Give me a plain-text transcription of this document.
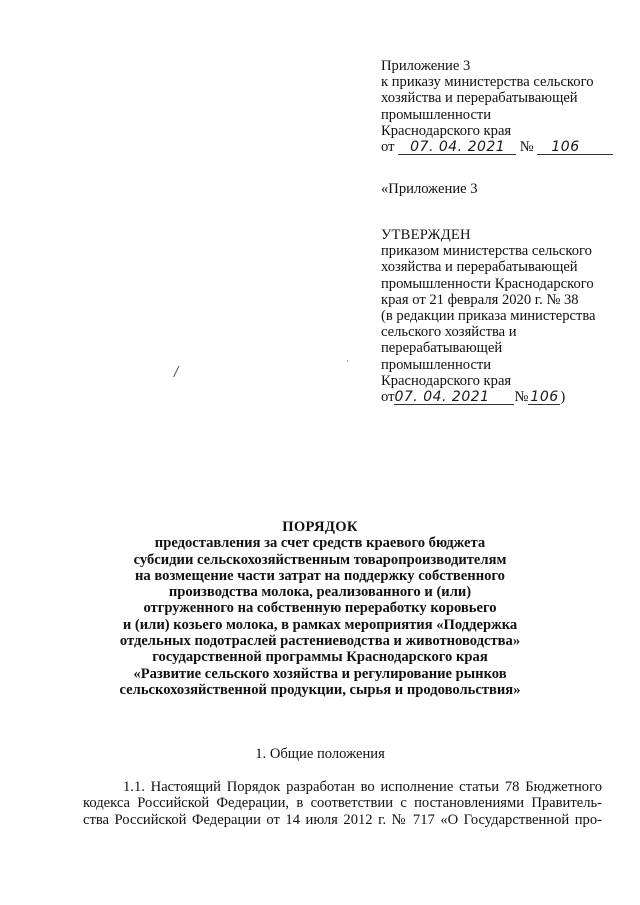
Приложение 3
к приказу министерства сельского
хозяйства и перерабатывающей
промышленности
Краснодарского края
от 07. 04. 2021 № 106
«Приложение 3
УТВЕРЖДЕН
приказом министерства сельского
хозяйства и перерабатывающей
промышленности Краснодарского
края от 21 февраля 2020 г. № 38
(в редакции приказа министерства
сельского хозяйства и
перерабатывающей
промышленности
Краснодарского края
от07. 04. 2021 № 106 )
/
ПОРЯДОК
предоставления за счет средств краевого бюджета
субсидии сельскохозяйственным товаропроизводителям
на возмещение части затрат на поддержку собственного
производства молока, реализованного и (или)
отгруженного на собственную переработку коровьего
и (или) козьего молока, в рамках мероприятия «Поддержка
отдельных подотраслей растениеводства и животноводства»
государственной программы Краснодарского края
«Развитие сельского хозяйства и регулирование рынков
сельскохозяйственной продукции, сырья и продовольствия»
1. Общие положения
1.1. Настоящий Порядок разработан во исполнение статьи 78 Бюджетного
кодекса Российской Федерации, в соответствии с постановлениями Правитель-
ства Российской Федерации от 14 июля 2012 г. № 717 «О Государственной про-
